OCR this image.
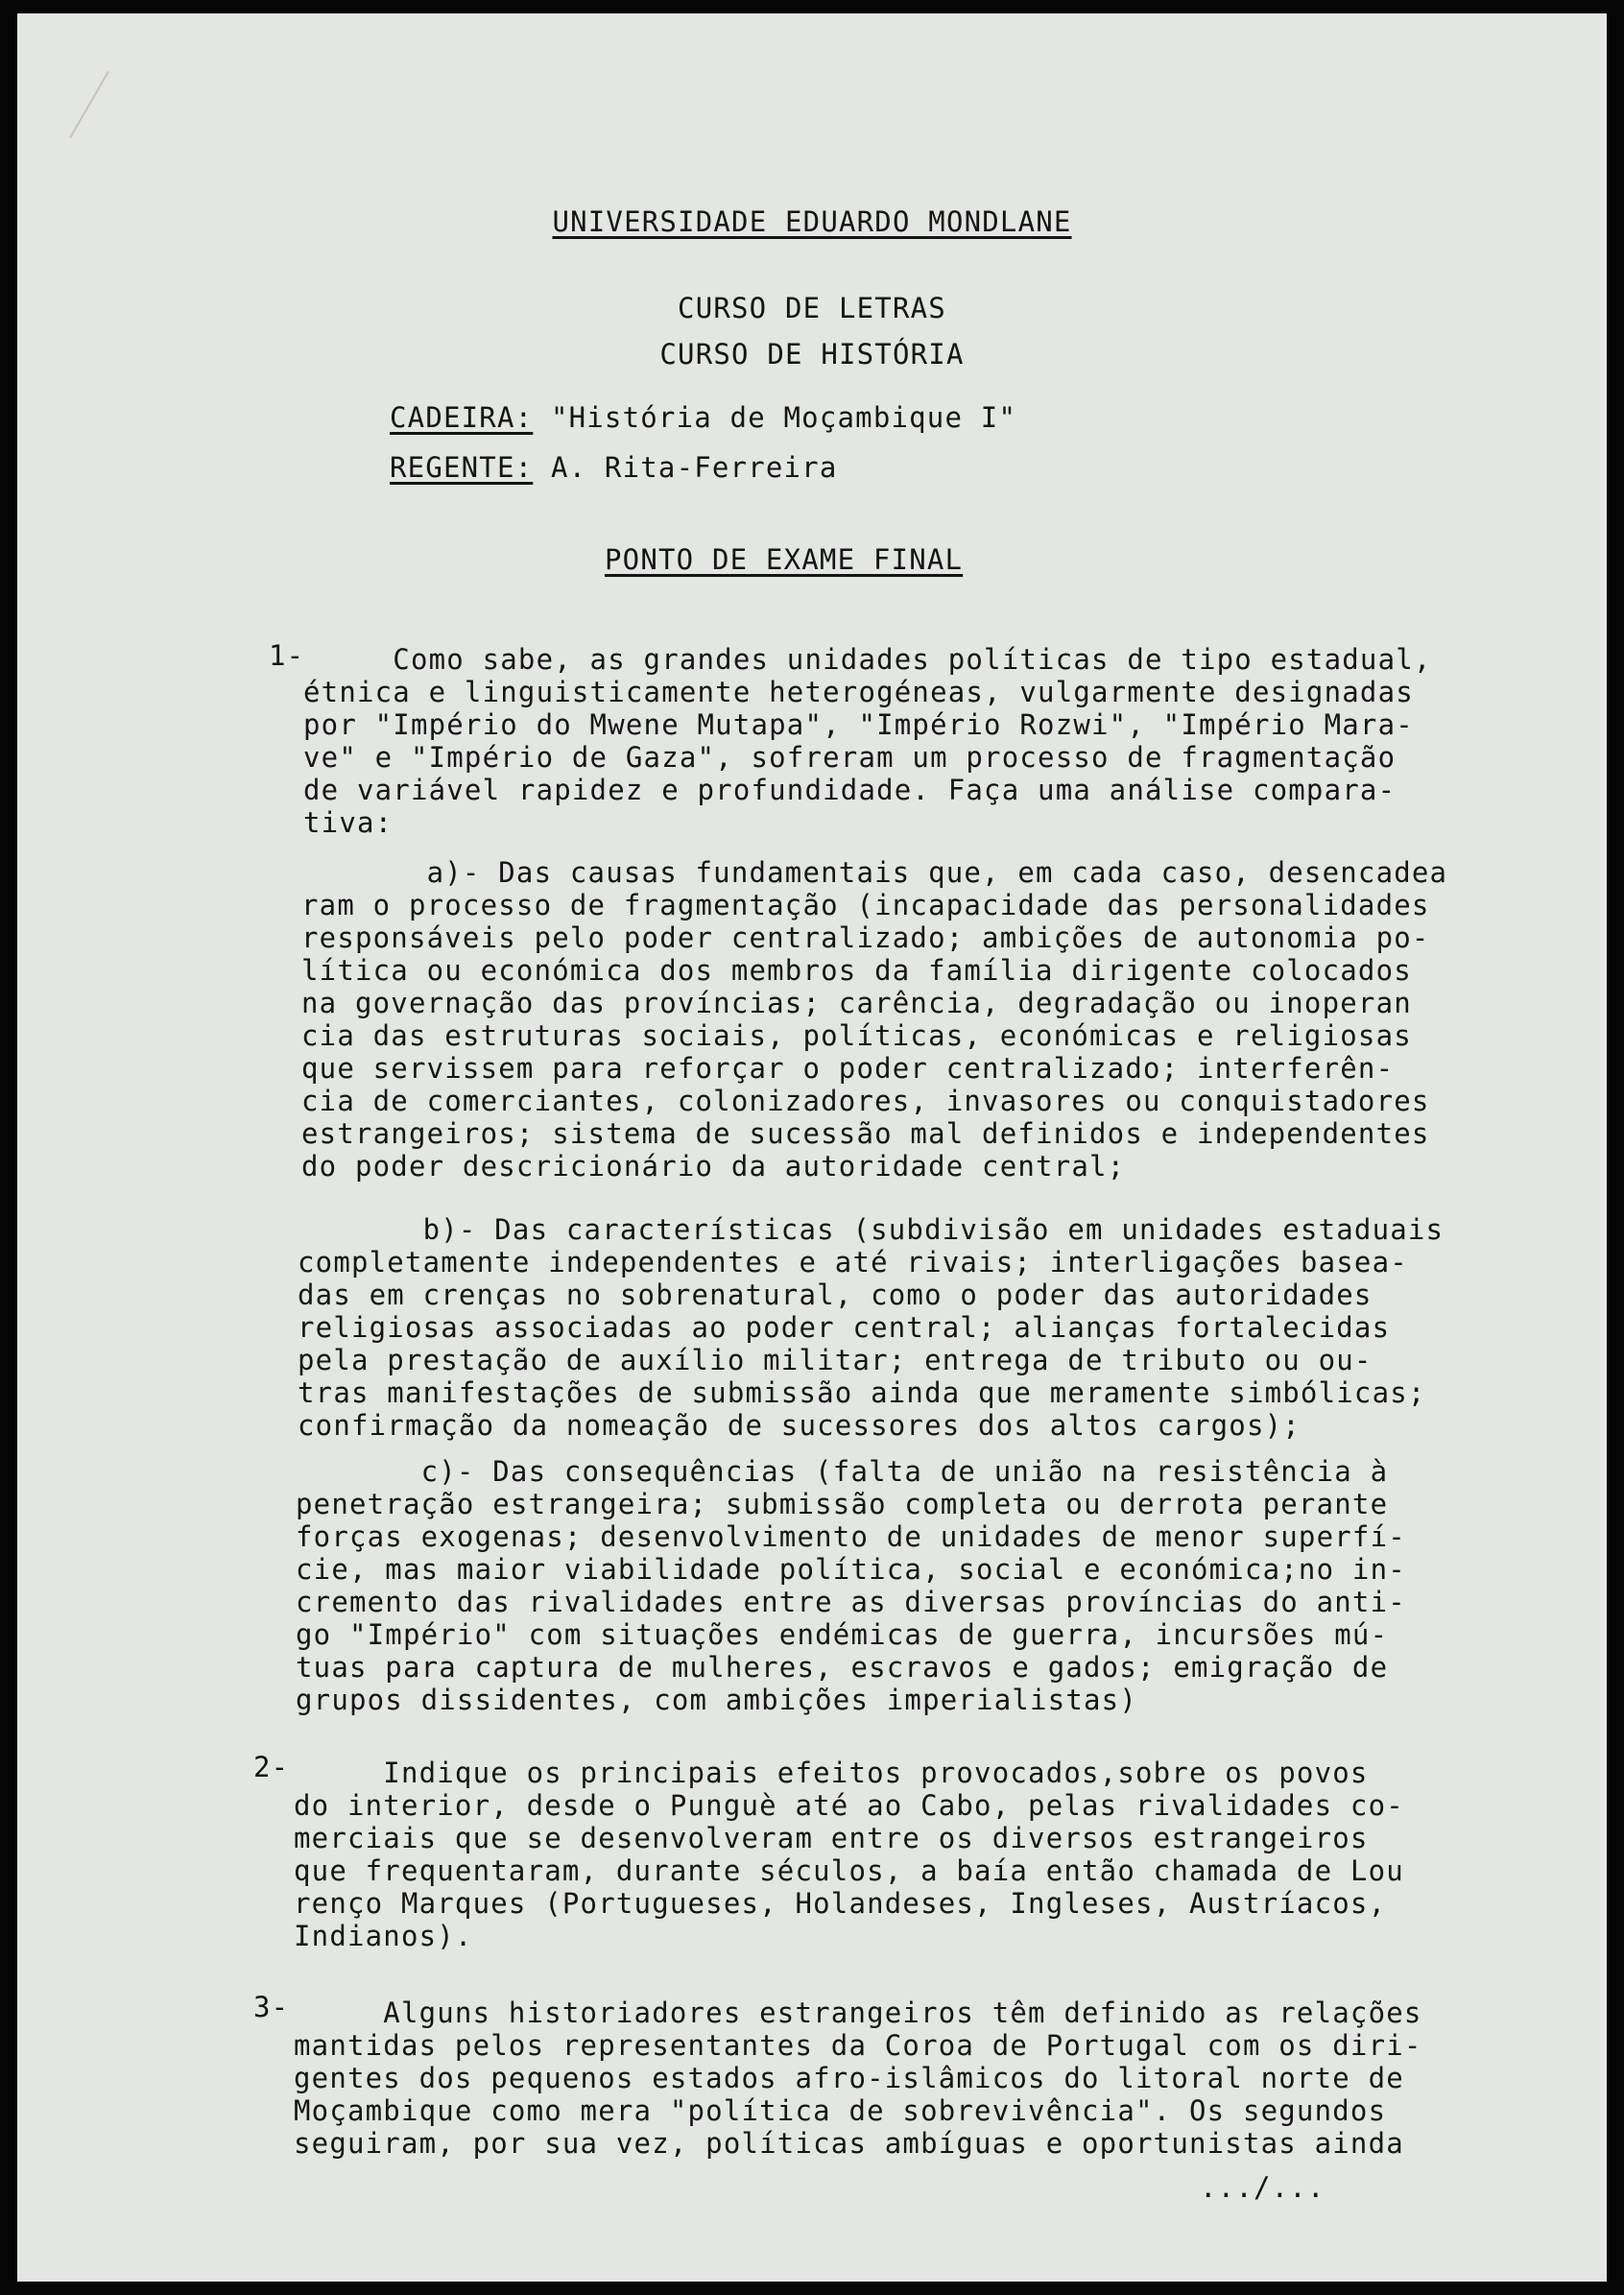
UNIVERSIDADE EDUARDO MONDLANE
CURSO DE LETRAS
CURSO DE HISTÓRIA
CADEIRA: "História de Moçambique I"
REGENTE: A. Rita-Ferreira
PONTO DE EXAME FINAL
1-
Como sabe, as grandes unidades políticas de tipo estadual,
étnica e linguisticamente heterogéneas, vulgarmente designadas
por "Império do Mwene Mutapa", "Império Rozwi", "Império Mara-
ve" e "Império de Gaza", sofreram um processo de fragmentação
de variável rapidez e profundidade. Faça uma análise compara-
tiva:
a)- Das causas fundamentais que, em cada caso, desencadea
ram o processo de fragmentação (incapacidade das personalidades
responsáveis pelo poder centralizado; ambições de autonomia po-
lítica ou económica dos membros da família dirigente colocados
na governação das províncias; carência, degradação ou inoperan
cia das estruturas sociais, políticas, económicas e religiosas
que servissem para reforçar o poder centralizado; interferên-
cia de comerciantes, colonizadores, invasores ou conquistadores
estrangeiros; sistema de sucessão mal definidos e independentes
do poder descricionário da autoridade central;
b)- Das características (subdivisão em unidades estaduais
completamente independentes e até rivais; interligações basea-
das em crenças no sobrenatural, como o poder das autoridades
religiosas associadas ao poder central; alianças fortalecidas
pela prestação de auxílio militar; entrega de tributo ou ou-
tras manifestações de submissão ainda que meramente simbólicas;
confirmação da nomeação de sucessores dos altos cargos);
c)- Das consequências (falta de união na resistência à
penetração estrangeira; submissão completa ou derrota perante
forças exogenas; desenvolvimento de unidades de menor superfí-
cie, mas maior viabilidade política, social e económica;no in-
cremento das rivalidades entre as diversas províncias do anti-
go "Império" com situações endémicas de guerra, incursões mú-
tuas para captura de mulheres, escravos e gados; emigração de
grupos dissidentes, com ambições imperialistas)
2- Indique os principais efeitos provocados,sobre os povos
do interior, desde o Punguè até ao Cabo, pelas rivalidades co-
merciais que se desenvolveram entre os diversos estrangeiros
que frequentaram, durante séculos, a baía então chamada de Lou
renço Marques (Portugueses, Holandeses, Ingleses, Austríacos,
Indianos).
3- Alguns historiadores estrangeiros têm definido as relações
mantidas pelos representantes da Coroa de Portugal com os diri-
gentes dos pequenos estados afro-islâmicos do litoral norte de
Moçambique como mera "política de sobrevivência". Os segundos
seguiram, por sua vez, políticas ambíguas e oportunistas ainda
.../...
